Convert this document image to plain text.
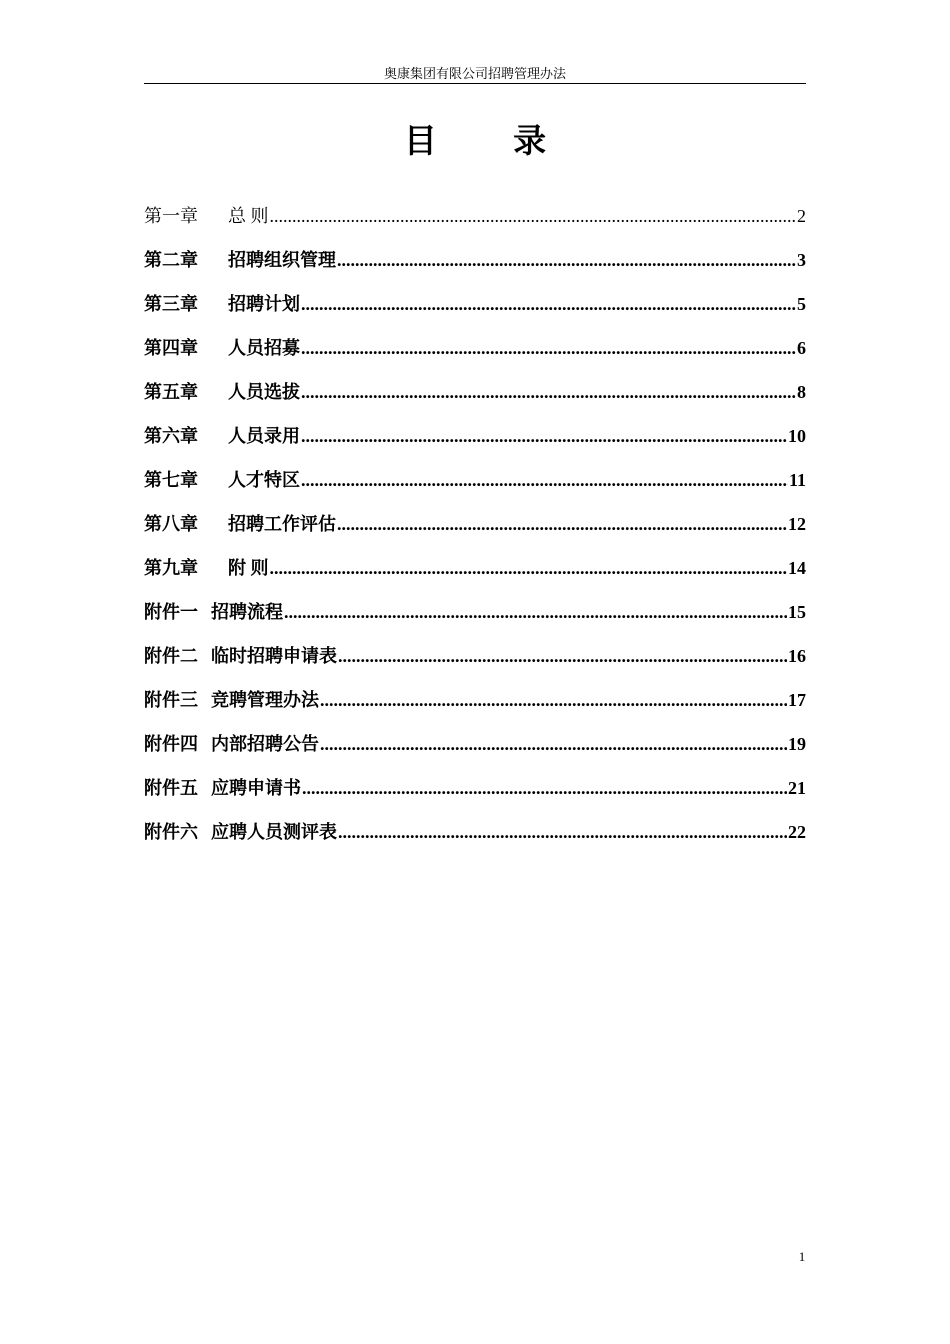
奥康集团有限公司招聘管理办法
目 录
第一章	总 则 .....	2
第二章	招聘组织管理 .....	3
第三章	招聘计划 .....	5
第四章	人员招募 .....	6
第五章	人员选拔 .....	8
第六章	人员录用 .....	10
第七章	人才特区 .....	11
第八章	招聘工作评估 .....	12
第九章	附 则 .....	14
附件一 招聘流程 .....	15
附件二 临时招聘申请表 .....	16
附件三 竞聘管理办法 .....	17
附件四 内部招聘公告 .....	19
附件五 应聘申请书 .....	21
附件六 应聘人员测评表 .....	22
1
